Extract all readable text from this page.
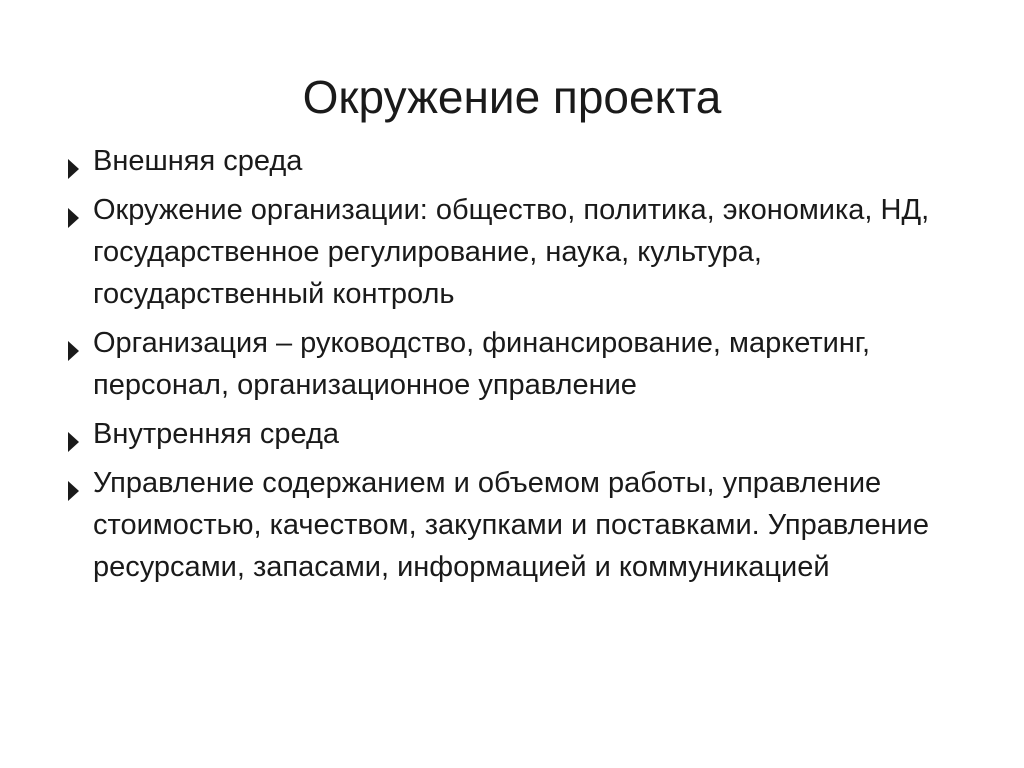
Окружение проекта
Внешняя среда
Окружение организации: общество, политика, экономика, НД, государственное регулирование, наука, культура, государственный контроль
Организация – руководство, финансирование, маркетинг, персонал, организационное управление
Внутренняя среда
Управление содержанием и объемом работы, управление стоимостью, качеством, закупками и поставками. Управление ресурсами, запасами, информацией и коммуникацией
